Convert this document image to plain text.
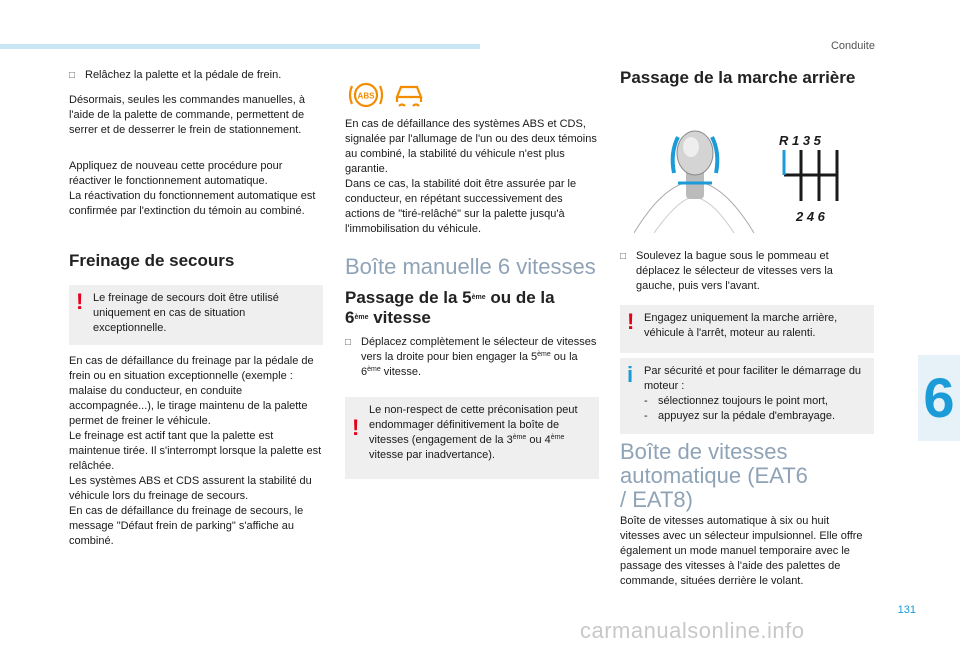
Conduite
6
131
carmanualsonline.info
□ Relâchez la palette et la pédale de frein.

Désormais, seules les commandes manuelles, à l'aide de la palette de commande, permettent de serrer et de desserrer le frein de stationnement.

Appliquez de nouveau cette procédure pour réactiver le fonctionnement automatique.
La réactivation du fonctionnement automatique est confirmée par l'extinction du témoin au combiné.

Freinage de secours
! Le freinage de secours doit être utilisé uniquement en cas de situation exceptionnelle.

En cas de défaillance du freinage par la pédale de frein ou en situation exceptionnelle (exemple : malaise du conducteur, en conduite accompagnée...), le tirage maintenu de la palette permet de freiner le véhicule.
Le freinage est actif tant que la palette est maintenue tirée. Il s'interrompt lorsque la palette est relâchée.
Les systèmes ABS et CDS assurent la stabilité du véhicule lors du freinage de secours.
En cas de défaillance du freinage de secours, le message "Défaut frein de parking" s'affiche au combiné.

ABS

En cas de défaillance des systèmes ABS et CDS, signalée par l'allumage de l'un ou des deux témoins au combiné, la stabilité du véhicule n'est plus garantie.
Dans ce cas, la stabilité doit être assurée par le conducteur, en répétant successivement des actions de "tiré-relâché" sur la palette jusqu'à l'immobilisation du véhicule.

Boîte manuelle 6 vitesses
Passage de la 5ème ou de la
6ème vitesse
□ Déplacez complètement le sélecteur de vitesses vers la droite pour bien engager la 5ème ou la 6ème vitesse.

!

Le non-respect de cette préconisation peut endommager définitivement la boîte de vitesses (engagement de la 3ème ou 4ème vitesse par inadvertance).

Passage de la marche arrière
R 1 3 5
2 4 6
□ Soulevez la bague sous le pommeau et déplacez le sélecteur de vitesses vers la gauche, puis vers l'avant.

! Engagez uniquement la marche arrière, véhicule à l'arrêt, moteur au ralenti.

i Par sécurité et pour faciliter le démarrage du moteur :

- sélectionnez toujours le point mort,
- appuyez sur la pédale d'embrayage.
Boîte de vitesses automatique (EAT6 / EAT8)

Boîte de vitesses automatique à six ou huit vitesses avec un sélecteur impulsionnel. Elle offre également un mode manuel temporaire avec le passage des vitesses à l'aide des palettes de commande, situées derrière le volant.
